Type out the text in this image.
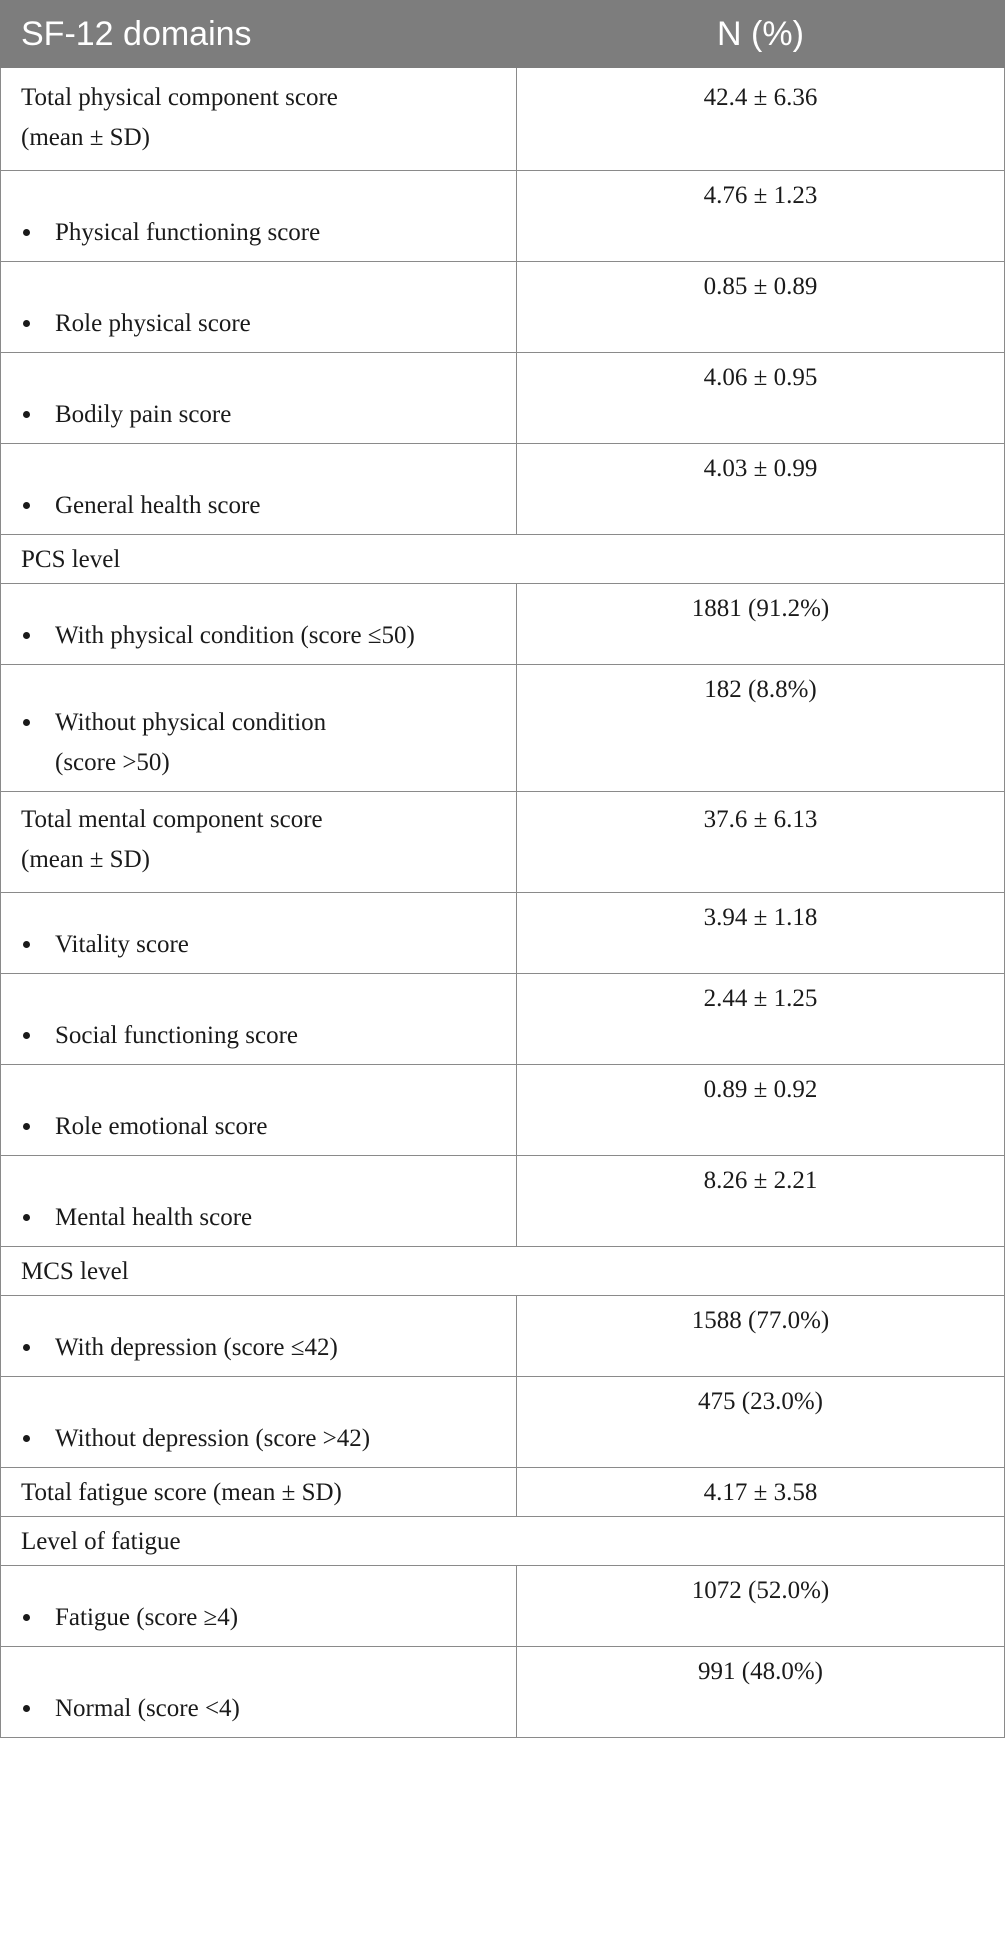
SF-12 domains	N (%)

Total physical component score
(mean ± SD)	42.4 ± 6.36
Physical functioning score	4.76 ± 1.23
Role physical score	0.85 ± 0.89
Bodily pain score	4.06 ± 0.95
General health score	4.03 ± 0.99
PCS level	
With physical condition (score ≤50)	1881 (91.2%)
Without physical condition
(score >50)	182 (8.8%)

Total mental component score
(mean ± SD)	37.6 ± 6.13
Vitality score	3.94 ± 1.18
Social functioning score	2.44 ± 1.25
Role emotional score	0.89 ± 0.92
Mental health score	8.26 ± 2.21
MCS level	
With depression (score ≤42)	1588 (77.0%)
Without depression (score >42)	475 (23.0%)
Total fatigue score (mean ± SD)	4.17 ± 3.58
Level of fatigue	
Fatigue (score ≥4)	1072 (52.0%)
Normal (score <4)	991 (48.0%)
